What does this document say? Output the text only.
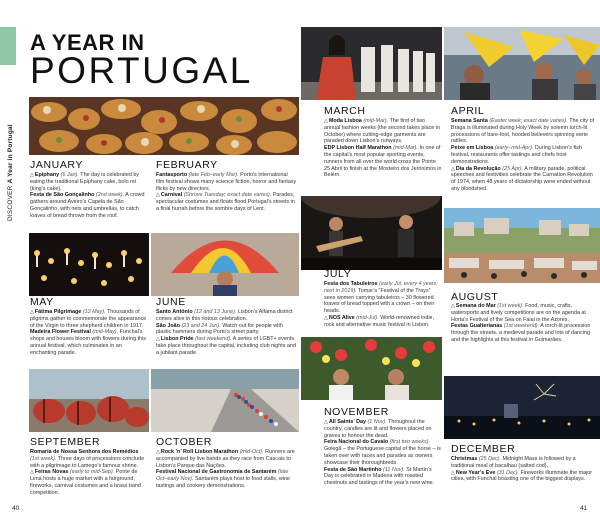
DISCOVER A Year in Portugal
A YEAR IN
PORTUGAL
JANUARY
△Epiphany (6 Jan). The day is celebrated by eating the traditional Epiphany cake, bolo rei (king’s cake).
Festa de São Gonçalinho (2nd week). A crowd gathers around Aveiro’s Capela de São Gonçalinho, with nets and umbrellas, to catch loaves of bread thrown from the roof.
FEBRUARY
Fantasporto (late Feb–early Mar). Porto’s international film festival shows many science fiction, horror and fantasy flicks by new directors.
△Carnival (Shrove Tuesday; exact date varies). Parades, spectacular costumes and floats flood Portugal’s streets in a final hurrah before the sombre days of Lent.
MARCH
△Moda Lisboa (mid-Mar). The first of two annual fashion weeks (the second takes place in October) where cutting-edge garments are paraded down Lisbon’s runways.
EDP Lisbon Half Marathon (mid-Mar). In one of the capital’s most popular sporting events, runners from all over the world cross the Ponte 25 Abril to finish at the Mosteiro dos Jerónimos in Belém.
APRIL
Semana Santa (Easter week; exact date varies). The city of Braga is illuminated during Holy Week by solemn torch-lit processions of bare-foot, hooded believers spinning eerie rattles.
Peixe em Lisboa (early–mid-Apr). During Lisbon’s fish festival, restaurants offer tastings and chefs host demonstrations.
△Dia da Revolução (25 Apr). A military parade, political speeches and festivities celebrate the Carnation Revolution of 1974, when 48 years of dictatorship were ended without any bloodshed.
MAY
△Fátima Pilgrimage (13 May). Thousands of pilgrims gather to commemorate the appearance of the Virgin to three shepherd children in 1917.
Madeira Flower Festival (mid-May). Funchal’s shops and houses bloom with flowers during this annual festival, which culminates in an enchanting parade.
JUNE
Santo António (12 and 13 June). Lisbon’s Alfama district comes alive in this riotous celebration.
São João (23 and 24 Jun). Watch out for people with plastic hammers during Porto’s street party.
△Lisbon Pride (last weekend). A series of LGBT+ events take place throughout the capital, including club nights and a jubilant parade.
JULY
Festa dos Tabuleiros (early Jul, every 4 years; next in 2019). Tomar’s “Festival of the Trays” sees women carrying tabuleiros – 30 flowered loaves of bread topped with a crown – on their heads.
△NOS Alive (mid-Jul). World-renowned indie, rock and alternative music festival in Lisbon.
AUGUST
△Semana do Mar (1st week). Food, music, crafts, watersports and lively competitions are on the agenda at Horta’s Festival of the Sea on Faial in the Azores.
Festas Gualterianas (1st weekend). A torch-lit procession through the streets, a medieval parade and lots of dancing and the highlights at this festival in Guimarães.
SEPTEMBER
Romaria de Nossa Senhora dos Remédios (1st week). Three days of processions conclude with a pilgrimage to Lamego’s famous shrine.
△Feiras Novas (early to mid-Sep). Ponte de Lima hosts a huge market with a fairground, fireworks, carnival costumes and a brass band competition.
OCTOBER
△Rock ’n’ Roll Lisbon Marathon (mid-Oct). Runners are accompanied by live bands as they race from Cascais to Lisbon’s Parque das Nações.
Festival Nacional de Gastronomia de Santarém (late Oct–early Nov). Santarém plays host to food stalls, wine tastings and cookery demonstrations.
NOVEMBER
△All Saints’ Day (1 Nov). Throughout the country, candles are lit and flowers placed on graves to honour the dead.
Feira Nacional do Cavalo (first two weeks). Golegã – the Portuguese capital of the horse – is taken over with races and parades as owners showcase their thoroughbreds.
Festa de São Martinho (11 Nov). St Martin’s Day is celebrated in Madeira with roasted chestnuts and tastings of the year’s new wine.
DECEMBER
Christmas (25 Dec). Midnight Mass is followed by a traditional meal of bacalhau (salted cod).
△New Year’s Eve (31 Dec). Fireworks illuminate the major cities, with Funchal boasting one of the biggest displays.
40	41
